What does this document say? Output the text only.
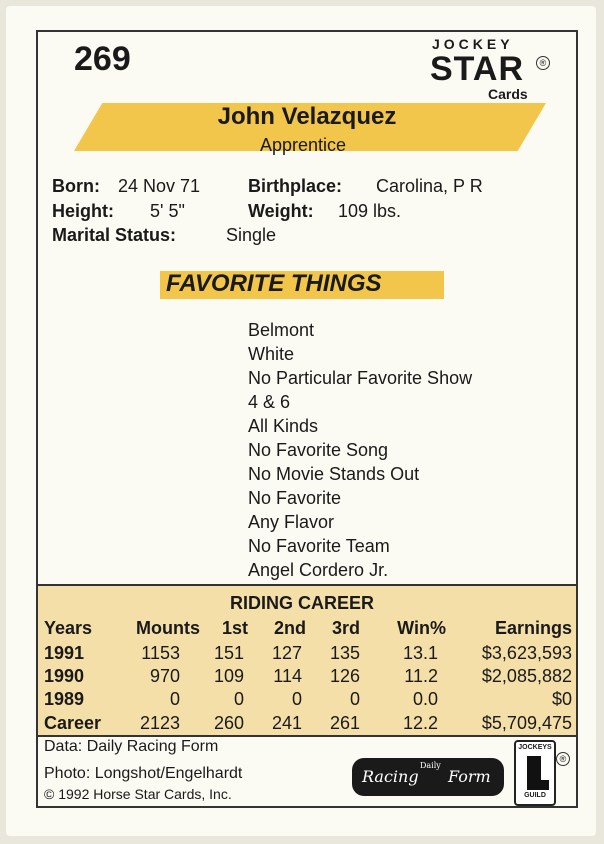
269	JOCKEY
STAR	®
Cards
John Velazquez
Apprentice
Born: 24 Nov 71	Birthplace: Carolina, P R
Height: 5' 5"	Weight: 109 lbs.
Marital Status:	Single
FAVORITE THINGS
Belmont
White
No Particular Favorite Show
4 & 6
All Kinds
No Favorite Song
No Movie Stands Out
No Favorite
Any Flavor
No Favorite Team
Angel Cordero Jr.
RIDING CAREER
Years Mounts 1st 2nd 3rd Win%	Earnings
1991	1153 151 127 135 13.1 $3,623,593
1990	970 109 114 126 11.2 $2,085,882
1989	0	0	0	0	0.0	$0
Career 2123 260 241 261 12.2 $5,709,475
Data: Daily Racing Form
Photo: Longshot/Engelhardt
© 1992 Horse Star Cards, Inc.
Racing
Daily
Form
JOCKEYS
GUILD
®
